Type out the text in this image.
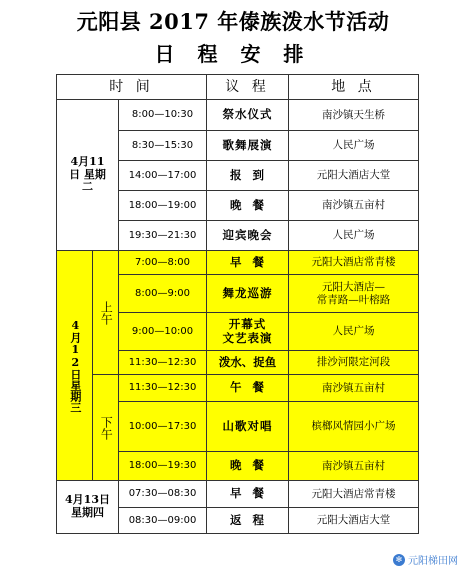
元阳县 2017 年傣族泼水节活动
日 程 安 排
时 间			议 程	地 点

4月11日 星期二		8:00—10:30	祭水仪式	南沙镇天生桥
		8:30—15:30	歌舞展演	人民广场
		14:00—17:00	报  到	元阳大酒店大堂
		18:00—19:00	晚  餐	南沙镇五亩村
		19:30—21:30	迎宾晚会	人民广场

4月12日星期三	上午	7:00—8:00	早  餐	元阳大酒店常青楼
		8:00—9:00	舞龙巡游	元阳大酒店—
常青路—叶榕路
		9:00—10:00	开幕式
文艺表演	人民广场
		11:30—12:30	泼水、捉鱼	排沙河限定河段

	下午	11:30—12:30	午  餐	南沙镇五亩村
		10:00—17:30	山歌对唱	槟榔风情园小广场
		18:00—19:30	晚  餐	南沙镇五亩村

4月13日 星期四		07:30—08:30	早  餐	元阳大酒店常青楼
		08:30—09:00	返  程	元阳大酒店大堂
✻ 元阳梯田网
